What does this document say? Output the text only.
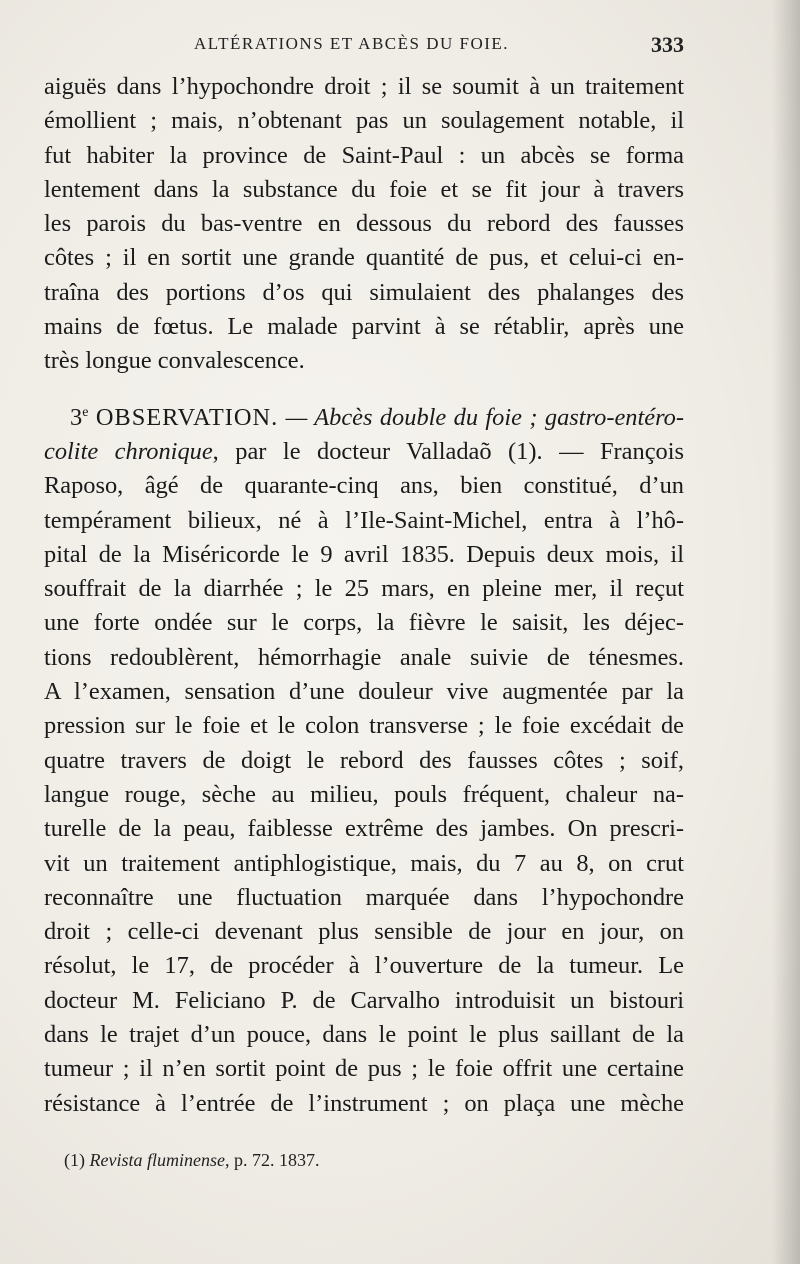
ALTÉRATIONS ET ABCÈS DU FOIE.	333
aiguës dans l’hypochondre droit ; il se soumit à un traitement
émollient ; mais, n’obtenant pas un soulagement notable, il
fut habiter la province de Saint-Paul : un abcès se forma
lentement dans la substance du foie et se fit jour à travers
les parois du bas-ventre en dessous du rebord des fausses
côtes ; il en sortit une grande quantité de pus, et celui-ci en-
traîna des portions d’os qui simulaient des phalanges des
mains de fœtus. Le malade parvint à se rétablir, après une
très longue convalescence.
3e OBSERVATION. — Abcès double du foie ; gastro-entéro-
colite chronique, par le docteur Valladaõ (1). — François
Raposo, âgé de quarante-cinq ans, bien constitué, d’un
tempérament bilieux, né à l’Ile-Saint-Michel, entra à l’hô-
pital de la Miséricorde le 9 avril 1835. Depuis deux mois, il
souffrait de la diarrhée ; le 25 mars, en pleine mer, il reçut
une forte ondée sur le corps, la fièvre le saisit, les déjec-
tions redoublèrent, hémorrhagie anale suivie de ténesmes.
A l’examen, sensation d’une douleur vive augmentée par la
pression sur le foie et le colon transverse ; le foie excédait de
quatre travers de doigt le rebord des fausses côtes ; soif,
langue rouge, sèche au milieu, pouls fréquent, chaleur na-
turelle de la peau, faiblesse extrême des jambes. On prescri-
vit un traitement antiphlogistique, mais, du 7 au 8, on crut
reconnaître une fluctuation marquée dans l’hypochondre
droit ; celle-ci devenant plus sensible de jour en jour, on
résolut, le 17, de procéder à l’ouverture de la tumeur. Le
docteur M. Feliciano P. de Carvalho introduisit un bistouri
dans le trajet d’un pouce, dans le point le plus saillant de la
tumeur ; il n’en sortit point de pus ; le foie offrit une certaine
résistance à l’entrée de l’instrument ; on plaça une mèche
(1) Revista fluminense, p. 72. 1837.
